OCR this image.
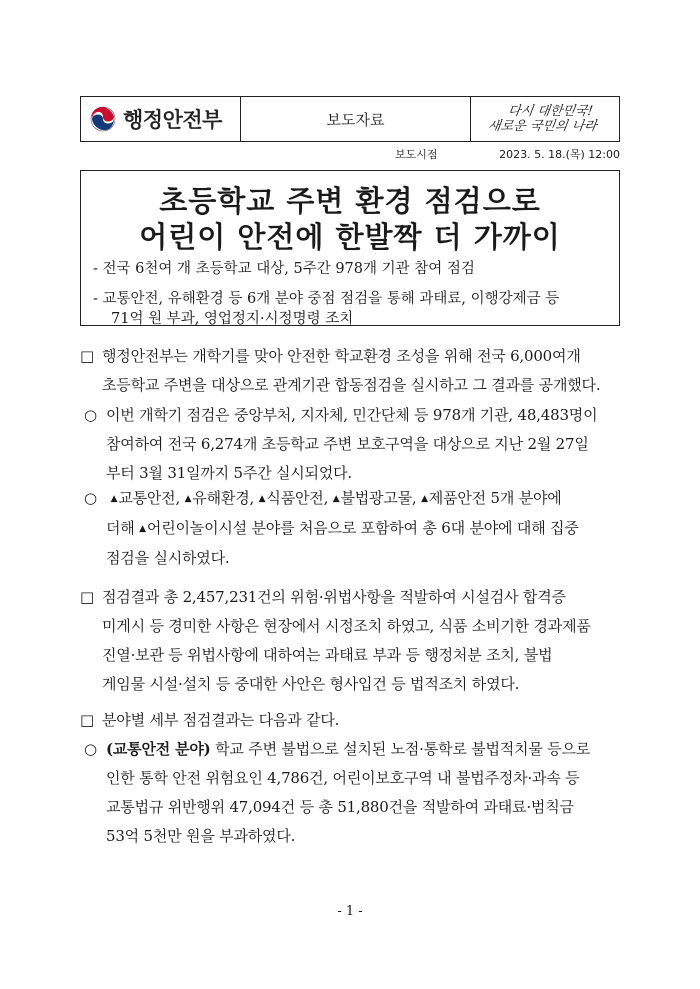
행정안전부	보도자료	다시 대한민국!
새로운 국민의 나라
보도시점	2023. 5. 18.(목) 12:00
초등학교 주변 환경 점검으로
어린이 안전에 한발짝 더 가까이
- 전국 6천여 개 초등학교 대상, 5주간 978개 기관 참여 점검
- 교통안전, 유해환경 등 6개 분야 중점 점검을 통해 과태료, 이행강제금 등
71억 원 부과, 영업정지·시정명령 조치
□ 행정안전부는 개학기를 맞아 안전한 학교환경 조성을 위해 전국 6,000여개
초등학교 주변을 대상으로 관계기관 합동점검을 실시하고 그 결과를 공개했다.
○ 이번 개학기 점검은 중앙부처, 지자체, 민간단체 등 978개 기관, 48,483명이
참여하여 전국 6,274개 초등학교 주변 보호구역을 대상으로 지난 2월 27일
부터 3월 31일까지 5주간 실시되었다.
○ ▲교통안전, ▲유해환경, ▲식품안전, ▲불법광고물, ▲제품안전 5개 분야에
더해 ▲어린이놀이시설 분야를 처음으로 포함하여 총 6대 분야에 대해 집중
점검을 실시하였다.
□ 점검결과 총 2,457,231건의 위험·위법사항을 적발하여 시설검사 합격증
미게시 등 경미한 사항은 현장에서 시정조치 하였고, 식품 소비기한 경과제품
진열·보관 등 위법사항에 대하여는 과태료 부과 등 행정처분 조치, 불법
게임물 시설·설치 등 중대한 사안은 형사입건 등 법적조치 하였다.
□ 분야별 세부 점검결과는 다음과 같다.
○ (교통안전 분야) 학교 주변 불법으로 설치된 노점·통학로 불법적치물 등으로
인한 통학 안전 위험요인 4,786건, 어린이보호구역 내 불법주정차·과속 등
교통법규 위반행위 47,094건 등 총 51,880건을 적발하여 과태료·범칙금
53억 5천만 원을 부과하였다.
- 1 -
